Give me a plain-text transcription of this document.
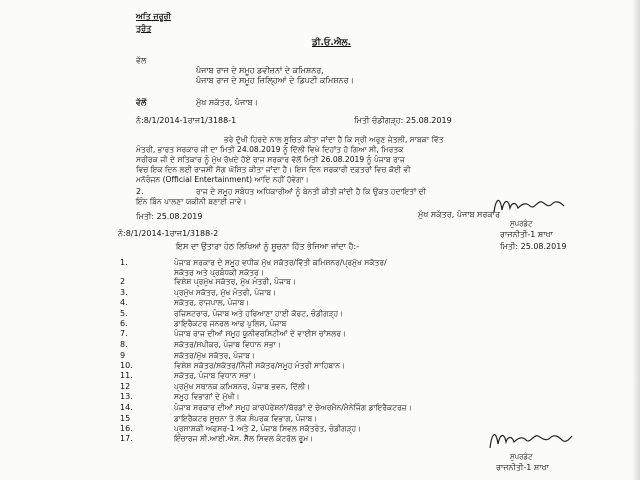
ਅਤਿ ਜ਼ਰੂਰੀ
ਤੁਰੰਤ
ਡੀ.ਓ.ਐਲ.
ਵੱਲ
ਪੰਜਾਬ ਰਾਜ ਦੇ ਸਮੂਹ ਡਵੀਜ਼ਨਾਂ ਦੇ ਕਮਿਸ਼ਨਰ,
ਪੰਜਾਬ ਰਾਜ ਦੇ ਸਮੂਹ ਜ਼ਿਲ੍ਹਿਆਂ ਦੇ ਡਿਪਟੀ ਕਮਿਸ਼ਨਰ।
ਵੱਲੋਂ	ਮੁੱਖ ਸਕੱਤਰ, ਪੰਜਾਬ।
ਨੰ:8/1/2014-1ਰਾਜ1/3188-1	ਮਿਤੀ ਚੰਡੀਗੜ੍ਹ: 25.08.2019
ਭਰੇ ਦੁੱਖੀ ਹਿਰਦੇ ਨਾਲ ਸੂਚਿਤ ਕੀਤਾ ਜਾਂਦਾ ਹੈ ਕਿ ਸ੍ਰੀ ਅਰੁਣ ਜੇਤਲੀ, ਸਾਬਕਾ ਵਿੱਤ
ਮੰਤਰੀ, ਭਾਰਤ ਸਰਕਾਰ ਜੀ ਦਾ ਮਿਤੀ 24.08.2019 ਨੂੰ ਦਿੱਲੀ ਵਿਖੇ ਦਿਹਾਂਤ ਹੋ ਗਿਆ ਸੀ, ਮਿਰਤਕ
ਸਰੀਰਕ ਜੀ ਦੇ ਸਤਿਕਾਰ ਨੂੰ ਮੁੱਖ ਰੱਖਦੇ ਹੋਏ ਰਾਜ ਸਰਕਾਰ ਵੱਲੋਂ ਮਿਤੀ 26.08.2019 ਨੂੰ ਪੰਜਾਬ ਰਾਜ
ਵਿਚ ਇਕ ਦਿਨ ਲਈ ਰਾਜਸੀ ਸੋਗ ਘੋਸ਼ਿਤ ਕੀਤਾ ਜਾਂਦਾ ਹੈ। ਇਸ ਦਿਨ ਸਰਕਾਰੀ ਦਫ਼ਤਰਾਂ ਵਿਚ ਕੋਈ ਵੀ
ਮਨੋਰੰਜਨ (Official Entertainment) ਆਦਿ ਨਹੀਂ ਹੋਵੇਗਾ।
2.	ਰਾਜ ਦੇ ਸਮੂਹ ਸਬੰਧਤ ਅਧਿਕਾਰੀਆਂ ਨੂੰ ਬੇਨਤੀ ਕੀਤੀ ਜਾਂਦੀ ਹੈ ਕਿ ਉਕਤ ਹਦਾਇਤਾਂ ਦੀ
ਇੰਨ ਬਿੰਨ ਪਾਲਣਾ ਯਕੀਨੀ ਬਣਾਈ ਜਾਵੇ।
ਮਿਤੀ: 25.08.2019	ਮੁੱਖ ਸਕੱਤਰ, ਪੰਜਾਬ ਸਰਕਾਰ
ਸੁਪਰਡੰਟ
ਰਾਜਨੀਤੀ-1 ਸ਼ਾਖਾ
ਮਿਤੀ: 25.08.2019
ਨੰ:8/1/2014-1ਰਾਜ1/3188-2
ਇਸ ਦਾ ਉਤਾਰਾ ਹੇਠ ਲਿਖਿਆਂ ਨੂੰ ਸੂਚਨਾ ਹਿੱਤ ਭੇਜਿਆ ਜਾਂਦਾ ਹੈ:-
1.	ਪੰਜਾਬ ਸਰਕਾਰ ਦੇ ਸਮੂਹ ਵਧੀਕ ਮੁੱਖ ਸਕੱਤਰ/ਵਿੱਤੀ ਕਮਿਸ਼ਨਰ/ਪ੍ਰਮੁੱਖ ਸਕੱਤਰ/
ਸਕੱਤਰ ਅਤੇ ਪ੍ਰਬੰਧਕੀ ਸਕੱਤਰ।
2	ਵਿਸ਼ੇਸ਼ ਪ੍ਰਮੁੱਖ ਸਕੱਤਰ, ਮੁੱਖ ਮੰਤਰੀ, ਪੰਜਾਬ।
3.	ਪ੍ਰਮੁੱਖ ਸਕੱਤਰ, ਮੁੱਖ ਮੰਤਰੀ, ਪੰਜਾਬ।
4.	ਸਕੱਤਰ, ਰਾਜਪਾਲ, ਪੰਜਾਬ।
5.	ਰਜਿਸਟਰਾਰ, ਪੰਜਾਬ ਅਤੇ ਹਰਿਆਣਾ ਹਾਈ ਕੋਰਟ, ਚੰਡੀਗੜ੍ਹ।
6.	ਡਾਇਰੈਕਟਰ ਜਨਰਲ ਆਫ ਪੁਲਿਸ, ਪੰਜਾਬ
7.	ਪੰਜਾਬ ਰਾਜ ਦੀਆਂ ਸਮੂਹ ਯੂਨੀਵਰਸਿਟੀਆਂ ਦੇ ਵਾਈਸ ਚਾਂਸਲਰ।
8.	ਸਕੱਤਰ/ਸਪੀਕਰ, ਪੰਜਾਬ ਵਿਧਾਨ ਸਭਾ।
9	ਸਕੱਤਰ/ਮੁੱਖ ਸਕੱਤਰ, ਪੰਜਾਬ।
10.	ਵਿਸ਼ੇਸ਼ ਸਕੱਤਰ/ਸਕੱਤਰ/ਨਿੱਜੀ ਸਕੱਤਰ/ਸਮੂਹ ਮੰਤਰੀ ਸਾਹਿਬਾਨ।
11.	ਸਕੱਤਰ, ਪੰਜਾਬ ਵਿਧਾਨ ਸਭਾ।
12	ਪ੍ਰਮੁੱਖ ਸਥਾਨਕ ਕਮਿਸ਼ਨਰ, ਪੰਜਾਬ ਭਵਨ, ਦਿੱਲੀ।
13.	ਸਮੂਹ ਵਿਭਾਗਾਂ ਦੇ ਮੁੱਖੀ।
14.	ਪੰਜਾਬ ਸਰਕਾਰ ਦੀਆਂ ਸਮੂਹ ਕਾਰਪੋਰੇਸ਼ਨਾਂ/ਬੋਰਡਾਂ ਦੇ ਚੇਅਰਮੈਨ/ਮੈਨੇਜਿੰਗ ਡਾਇਰੈਕਟਰਜ਼।
15	ਡਾਇਰੈਕਟਰ ਸੂਚਨਾ ਤੇ ਲੋਕ ਸੰਪਰਕ ਵਿਭਾਗ, ਪੰਜਾਬ।
16.	ਪ੍ਰਸਾਸ਼ਕੀ ਅਫਸਰ-1 ਅਤੇ 2, ਪੰਜਾਬ ਸਿਵਲ ਸਕੱਤਰੇਤ, ਚੰਡੀਗੜ੍ਹ।
17.	ਇੰਚਾਰਜ ਸੀ.ਆਈ.ਐਸ. ਸੈੱਲ ਸਿਵਲ ਕੰਟਰੋਲ ਰੂਮ।
ਸੁਪਰਡੰਟ
ਰਾਜਨੀਤੀ-1 ਸ਼ਾਖਾ
